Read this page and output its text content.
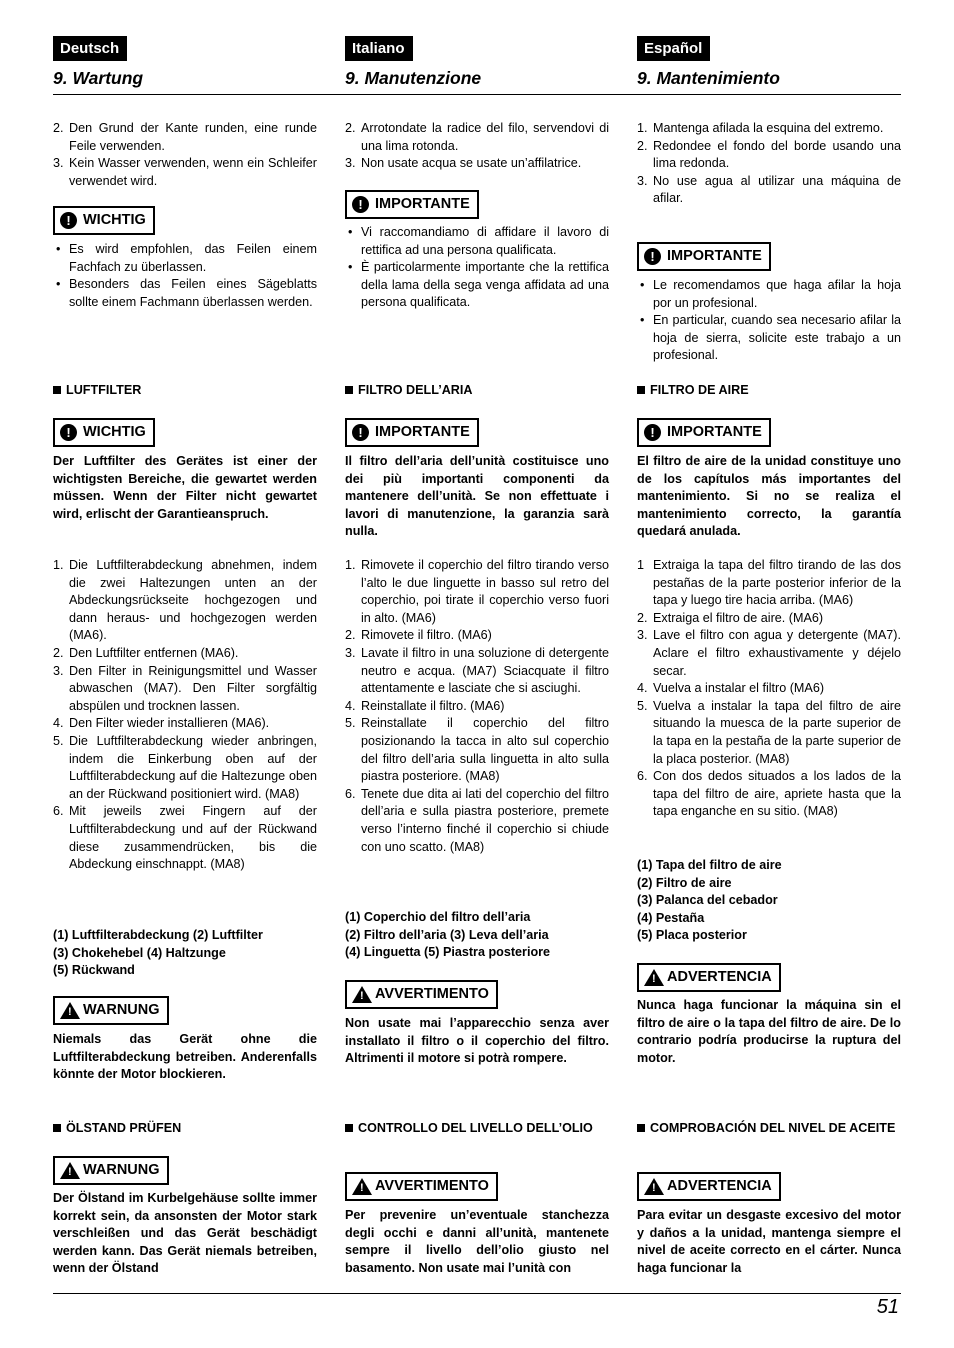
51
Deutsch
9. Wartung
2. Den Grund der Kante runden, eine runde Feile verwenden.
3. Kein Wasser verwenden, wenn ein Schleifer verwendet wird.
! WICHTIG
• Es wird empfohlen, das Feilen einem Fachfach zu überlassen.
• Besonders das Feilen eines Sägeblatts sollte einem Fachmann überlassen werden.
LUFTFILTER
! WICHTIG
Der Luftfilter des Gerätes ist einer der wichtigsten Bereiche, die gewartet werden müssen. Wenn der Filter nicht gewartet wird, erlischt der Garantieanspruch.
1. Die Luftfilterabdeckung abnehmen, indem die zwei Haltezungen unten an der Abdeckungsrückseite hochgezogen und dann heraus- und hochgezogen werden (MA6).
2. Den Luftfilter entfernen (MA6).
3. Den Filter in Reinigungsmittel und Wasser abwaschen (MA7). Den Filter sorgfältig abspülen und trocknen lassen.
4. Den Filter wieder installieren (MA6).
5. Die Luftfilterabdeckung wieder anbringen, indem die Einkerbung oben auf der Luftfilterabdeckung auf die Haltezunge oben an der Rückwand positioniert wird. (MA8)
6. Mit jeweils zwei Fingern auf der Luftfilterabdeckung und auf der Rückwand diese zusammendrücken, bis die Abdeckung einschnappt. (MA8)
(1) Luftfilterabdeckung (2) Luftfilter
(3) Chokehebel (4) Haltzunge
(5) Rückwand
! WARNUNG
Niemals das Gerät ohne die Luftfilterabdeckung betreiben. Anderenfalls könnte der Motor blockieren.
ÖLSTAND PRÜFEN
! WARNUNG
Der Ölstand im Kurbelgehäuse sollte immer korrekt sein, da ansonsten der Motor stark verschleißen und das Gerät beschädigt werden kann. Das Gerät niemals betreiben, wenn der Ölstand
Italiano
9. Manutenzione
2. Arrotondate la radice del filo, servendovi di una lima rotonda.
3. Non usate acqua se usate un’affilatrice.
! IMPORTANTE
• Vi raccomandiamo di affidare il lavoro di rettifica ad una persona qualificata.
• È particolarmente importante che la rettifica della lama della sega venga affidata ad una persona qualificata.
FILTRO DELL’ARIA
! IMPORTANTE
Il filtro dell’aria dell’unità costituisce uno dei più importanti componenti da mantenere dell’unità. Se non effettuate i lavori di manutenzione, la garanzia sarà nulla.
1. Rimovete il coperchio del filtro tirando verso l’alto le due linguette in basso sul retro del coperchio, poi tirate il coperchio verso fuori in alto. (MA6)
2. Rimovete il filtro. (MA6)
3. Lavate il filtro in una soluzione di detergente neutro e acqua. (MA7) Sciacquate il filtro attentamente e lasciate che si asciughi.
4. Reinstallate il filtro. (MA6)
5. Reinstallate il coperchio del filtro posizionando la tacca in alto sul coperchio del filtro dell’aria sulla linguetta in alto sulla piastra posteriore. (MA8)
6. Tenete due dita ai lati del coperchio del filtro dell’aria e sulla piastra posteriore, premete verso l’interno finché il coperchio si chiude con uno scatto. (MA8)
(1) Coperchio del filtro dell’aria
(2) Filtro dell’aria (3) Leva dell’aria
(4) Linguetta (5) Piastra posteriore
! AVVERTIMENTO
Non usate mai l’apparecchio senza aver installato il filtro o il coperchio del filtro. Altrimenti il motore si potrà rompere.
CONTROLLO DEL LIVELLO DELL’OLIO
! AVVERTIMENTO
Per prevenire un’eventuale stanchezza degli occhi e danni all’unità, mantenete sempre il livello dell’olio giusto nel basamento. Non usate mai l’unità con
Español
9. Mantenimiento
1. Mantenga afilada la esquina del extremo.
2. Redondee el fondo del borde usando una lima redonda.
3. No use agua al utilizar una máquina de afilar.
! IMPORTANTE
• Le recomendamos que haga afilar la hoja por un profesional.
• En particular, cuando sea necesario afilar la hoja de sierra, solicite este trabajo a un profesional.
FILTRO DE AIRE
! IMPORTANTE
El filtro de aire de la unidad constituye uno de los capítulos más importantes del mantenimiento. Si no se realiza el mantenimiento correcto, la garantía quedará anulada.
1 Extraiga la tapa del filtro tirando de las dos pestañas de la parte posterior inferior de la tapa y luego tire hacia arriba. (MA6)
2. Extraiga el filtro de aire. (MA6)
3. Lave el filtro con agua y detergente (MA7). Aclare el filtro exhaustivamente y déjelo secar.
4. Vuelva a instalar el filtro (MA6)
5. Vuelva a instalar la tapa del filtro de aire situando la muesca de la parte superior de la tapa en la pestaña de la parte superior de la placa posterior. (MA8)
6. Con dos dedos situados a los lados de la tapa del filtro de aire, apriete hasta que la tapa enganche en su sitio. (MA8)
(1) Tapa del filtro de aire
(2) Filtro de aire
(3) Palanca del cebador
(4) Pestaña
(5) Placa posterior
! ADVERTENCIA
Nunca haga funcionar la máquina sin el filtro de aire o la tapa del filtro de aire. De lo contrario podría producirse la ruptura del motor.
COMPROBACIÓN DEL NIVEL DE ACEITE
! ADVERTENCIA
Para evitar un desgaste excesivo del motor y daños a la unidad, mantenga siempre el nivel de aceite correcto en el cárter. Nunca haga funcionar la
